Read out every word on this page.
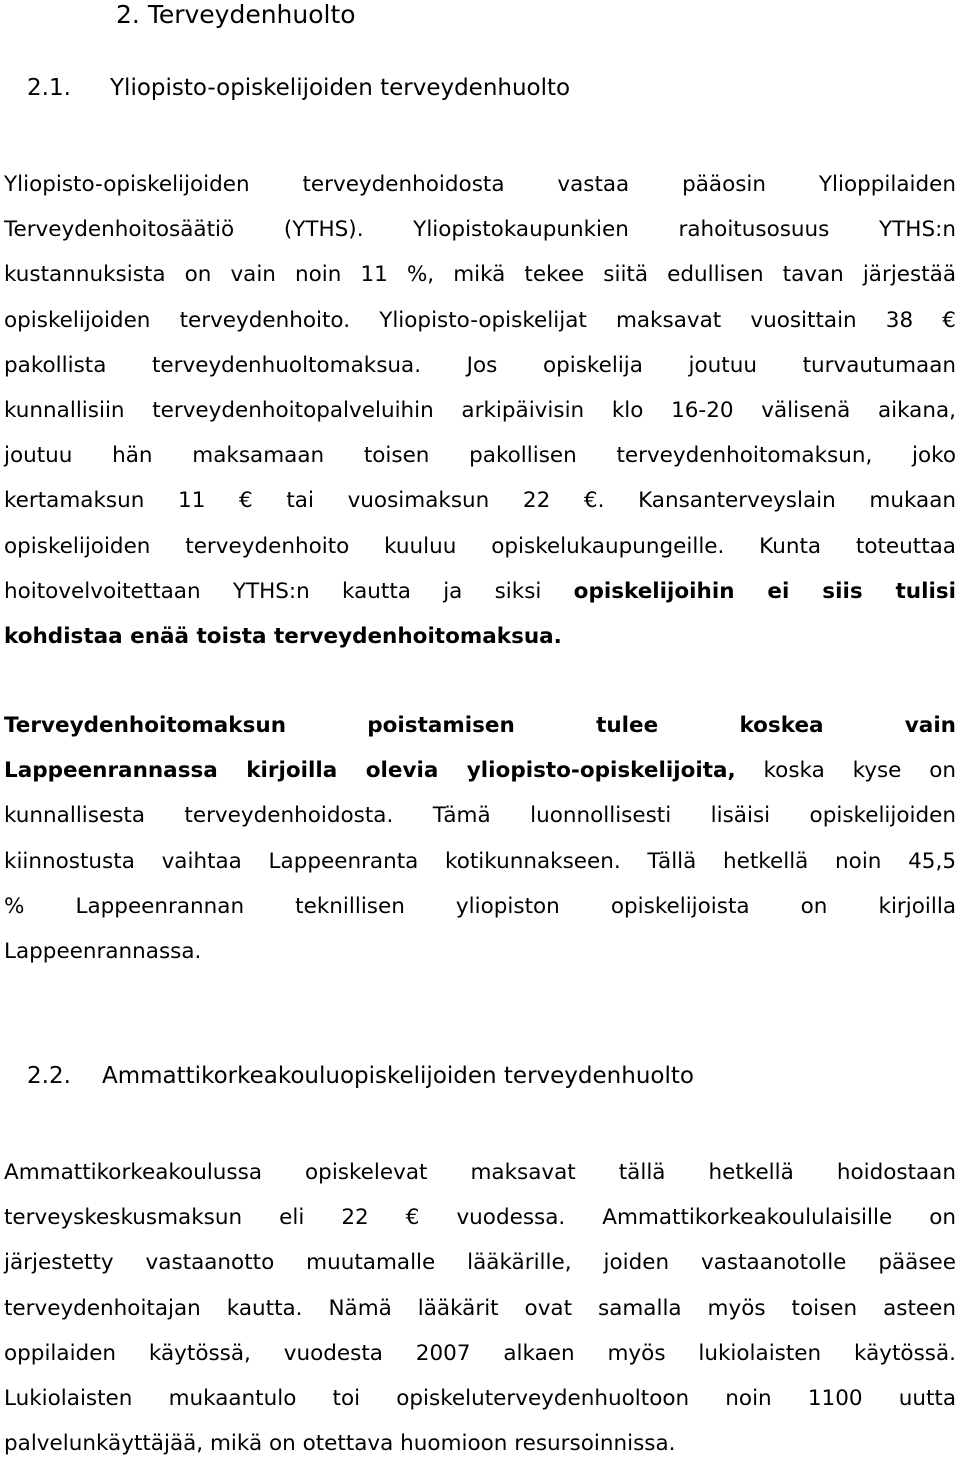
2. Terveydenhuolto
2.1. Yliopisto-opiskelijoiden terveydenhuolto
Yliopisto-opiskelijoiden terveydenhoidosta vastaa pääosin Ylioppilaiden
Terveydenhoitosäätiö (YTHS). Yliopistokaupunkien rahoitusosuus YTHS:n
kustannuksista on vain noin 11 %, mikä tekee siitä edullisen tavan järjestää
opiskelijoiden terveydenhoito. Yliopisto-opiskelijat maksavat vuosittain 38 €
pakollista terveydenhuoltomaksua. Jos opiskelija joutuu turvautumaan
kunnallisiin terveydenhoitopalveluihin arkipäivisin klo 16-20 välisenä aikana,
joutuu hän maksamaan toisen pakollisen terveydenhoitomaksun, joko
kertamaksun 11 € tai vuosimaksun 22 €. Kansanterveyslain mukaan
opiskelijoiden terveydenhoito kuuluu opiskelukaupungeille. Kunta toteuttaa
hoitovelvoitettaan YTHS:n kautta ja siksi opiskelijoihin ei siis tulisi
kohdistaa enää toista terveydenhoitomaksua.
Terveydenhoitomaksun poistamisen tulee koskea vain
Lappeenrannassa kirjoilla olevia yliopisto-opiskelijoita, koska kyse on
kunnallisesta terveydenhoidosta. Tämä luonnollisesti lisäisi opiskelijoiden
kiinnostusta vaihtaa Lappeenranta kotikunnakseen. Tällä hetkellä noin 45,5
% Lappeenrannan teknillisen yliopiston opiskelijoista on kirjoilla
Lappeenrannassa.
2.2. Ammattikorkeakouluopiskelijoiden terveydenhuolto
Ammattikorkeakoulussa opiskelevat maksavat tällä hetkellä hoidostaan
terveyskeskusmaksun eli 22 € vuodessa. Ammattikorkeakoululaisille on
järjestetty vastaanotto muutamalle lääkärille, joiden vastaanotolle pääsee
terveydenhoitajan kautta. Nämä lääkärit ovat samalla myös toisen asteen
oppilaiden käytössä, vuodesta 2007 alkaen myös lukiolaisten käytössä.
Lukiolaisten mukaantulo toi opiskeluterveydenhuoltoon noin 1100 uutta
palvelunkäyttäjää, mikä on otettava huomioon resursoinnissa.
